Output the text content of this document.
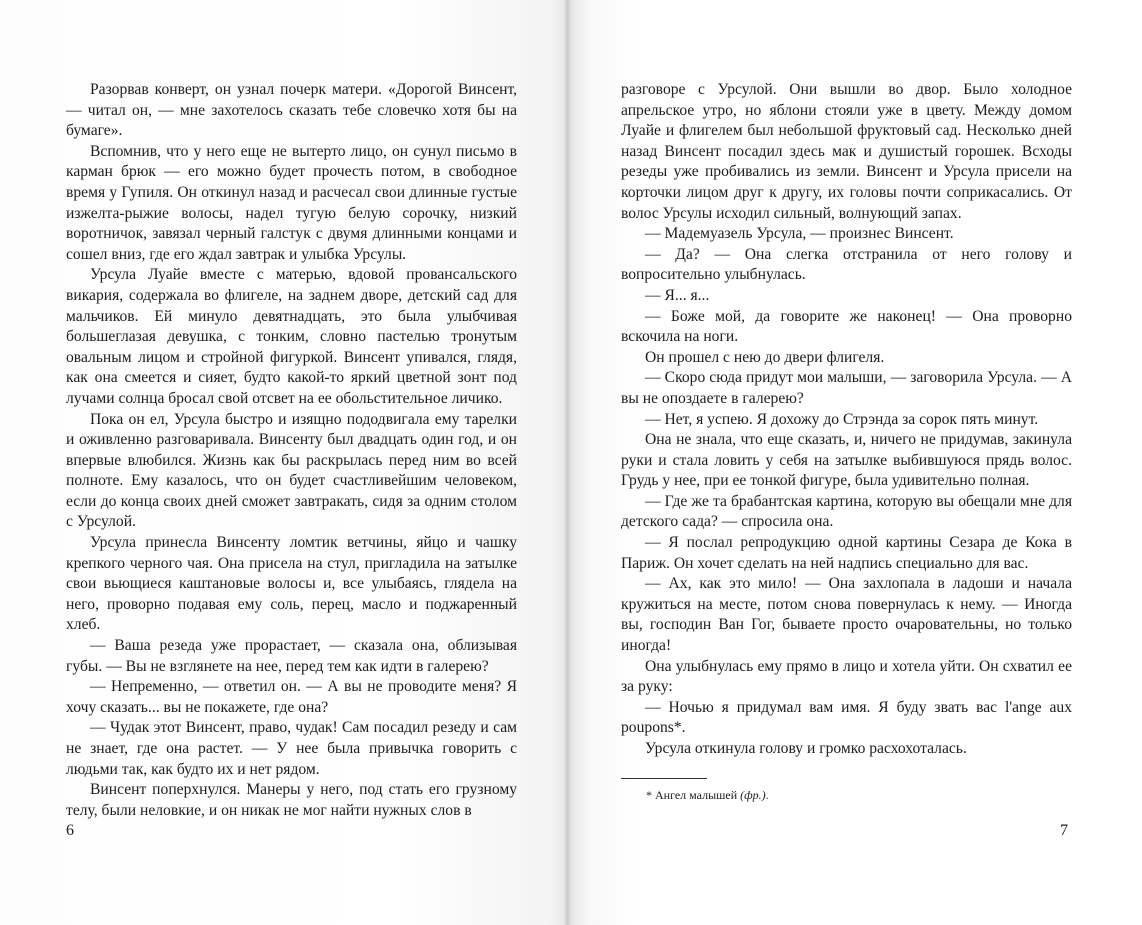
Разорвав конверт, он узнал почерк матери. «Дорогой Винсент, — читал он, — мне захотелось сказать тебе словечко хотя бы на бумаге».

Вспомнив, что у него еще не вытерто лицо, он сунул письмо в карман брюк — его можно будет прочесть потом, в свободное время у Гупиля. Он откинул назад и расчесал свои длинные густые изжелта-рыжие волосы, надел тугую белую сорочку, низкий воротничок, завязал черный галстук с двумя длинными концами и сошел вниз, где его ждал завтрак и улыбка Урсулы.

Урсула Луайе вместе с матерью, вдовой провансальского викария, содержала во флигеле, на заднем дворе, детский сад для мальчиков. Ей минуло девятнадцать, это была улыбчивая большеглазая девушка, с тонким, словно пастелью тронутым овальным лицом и стройной фигуркой. Винсент упивался, глядя, как она смеется и сияет, будто какой-то яркий цветной зонт под лучами солнца бросал свой отсвет на ее обольстительное личико.

Пока он ел, Урсула быстро и изящно пододвигала ему тарелки и оживленно разговаривала. Винсенту был двадцать один год, и он впервые влюбился. Жизнь как бы раскрылась перед ним во всей полноте. Ему казалось, что он будет счастливейшим человеком, если до конца своих дней сможет завтракать, сидя за одним столом с Урсулой.

Урсула принесла Винсенту ломтик ветчины, яйцо и чашку крепкого черного чая. Она присела на стул, пригладила на затылке свои вьющиеся каштановые волосы и, все улыбаясь, глядела на него, проворно подавая ему соль, перец, масло и поджаренный хлеб.

— Ваша резеда уже прорастает, — сказала она, облизывая губы. — Вы не взглянете на нее, перед тем как идти в галерею?

— Непременно, — ответил он. — А вы не проводите меня? Я хочу сказать... вы не покажете, где она?

— Чудак этот Винсент, право, чудак! Сам посадил резеду и сам не знает, где она растет. — У нее была привычка говорить с людьми так, как будто их и нет рядом.

Винсент поперхнулся. Манеры у него, под стать его грузному телу, были неловкие, и он никак не мог найти нужных слов в

разговоре с Урсулой. Они вышли во двор. Было холодное апрельское утро, но яблони стояли уже в цвету. Между домом Луайе и флигелем был небольшой фруктовый сад. Несколько дней назад Винсент посадил здесь мак и душистый горошек. Всходы резеды уже пробивались из земли. Винсент и Урсула присели на корточки лицом друг к другу, их головы почти соприкасались. От волос Урсулы исходил сильный, волнующий запах.

— Мадемуазель Урсула, — произнес Винсент.

— Да? — Она слегка отстранила от него голову и вопросительно улыбнулась.

— Я... я...

— Боже мой, да говорите же наконец! — Она проворно вскочила на ноги.

Он прошел с нею до двери флигеля.

— Скоро сюда придут мои малыши, — заговорила Урсула. — А вы не опоздаете в галерею?

— Нет, я успею. Я дохожу до Стрэнда за сорок пять минут.

Она не знала, что еще сказать, и, ничего не придумав, закинула руки и стала ловить у себя на затылке выбившуюся прядь волос. Грудь у нее, при ее тонкой фигуре, была удивительно полная.

— Где же та брабантская картина, которую вы обещали мне для детского сада? — спросила она.

— Я послал репродукцию одной картины Сезара де Кока в Париж. Он хочет сделать на ней надпись специально для вас.

— Ах, как это мило! — Она захлопала в ладоши и начала кружиться на месте, потом снова повернулась к нему. — Иногда вы, господин Ван Гог, бываете просто очаровательны, но только иногда!

Она улыбнулась ему прямо в лицо и хотела уйти. Он схватил ее за руку:

— Ночью я придумал вам имя. Я буду звать вас l'ange aux poupons*.

Урсула откинула голову и громко расхохоталась.

* Ангел малышей (фр.).
6	7
